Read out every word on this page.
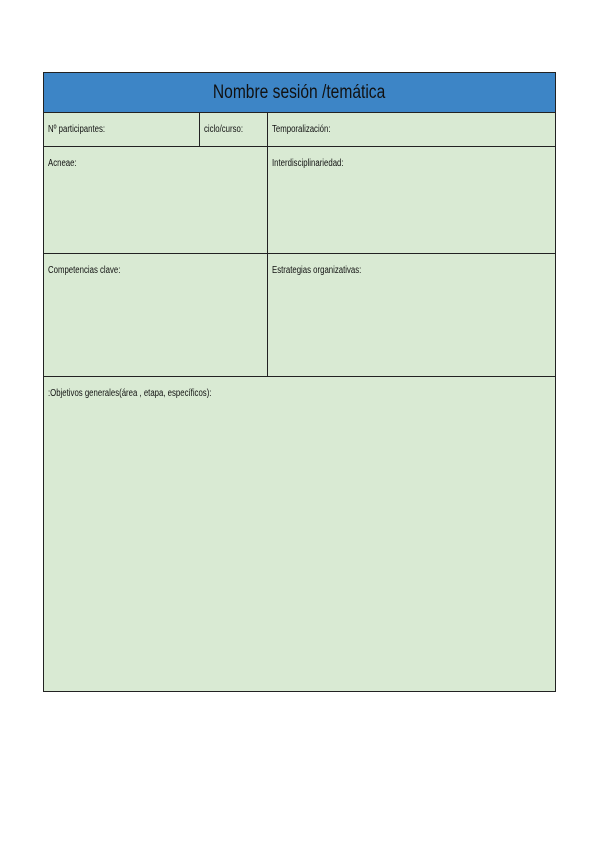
Nombre sesión /temática
Nº participantes:	ciclo/curso:	Temporalización:
Acneae:	Interdisciplinariedad:
Competencias clave:	Estrategias organizativas:
:Objetivos generales(área , etapa, específicos):
